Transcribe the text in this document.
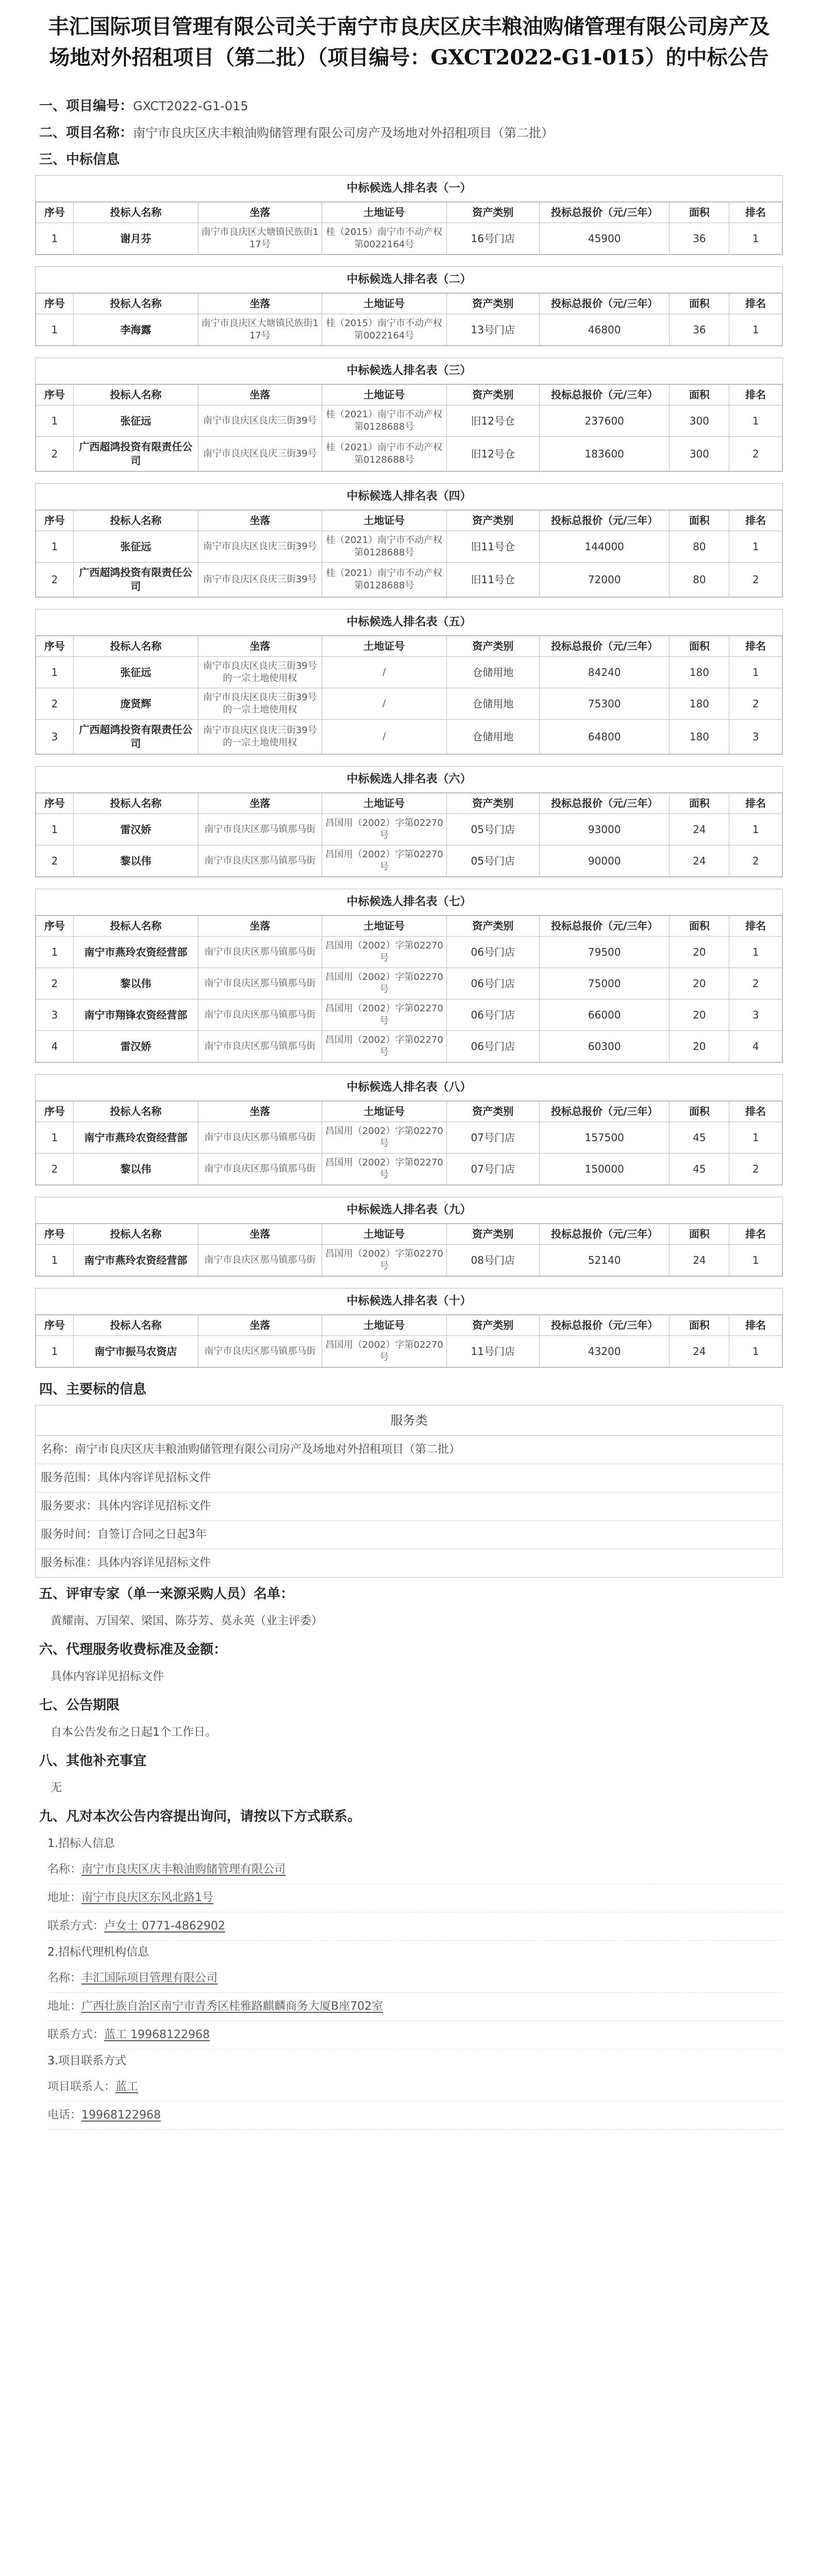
丰汇国际项目管理有限公司关于南宁市良庆区庆丰粮油购储管理有限公司房产及场地对外招租项目（第二批）（项目编号：GXCT2022-G1-015）的中标公告
一、项目编号：GXCT2022-G1-015
二、项目名称：南宁市良庆区庆丰粮油购储管理有限公司房产及场地对外招租项目（第二批）
三、中标信息
中标候选人排名表（一）
序号	投标人名称	坐落	土地证号	资产类别	投标总报价（元/三年）	面积	排名
1	谢月芬	南宁市良庆区大塘镇民族街117号	桂（2015）南宁市不动产权第0022164号	16号门店	45900	36	1
中标候选人排名表（二）
序号	投标人名称	坐落	土地证号	资产类别	投标总报价（元/三年）	面积	排名
1	李海露	南宁市良庆区大塘镇民族街117号	桂（2015）南宁市不动产权第0022164号	13号门店	46800	36	1
中标候选人排名表（三）
序号	投标人名称	坐落	土地证号	资产类别	投标总报价（元/三年）	面积	排名
1	张征远	南宁市良庆区良庆三街39号	桂（2021）南宁市不动产权第0128688号	旧12号仓	237600	300	1
2	广西超鸿投资有限责任公司	南宁市良庆区良庆三街39号	桂（2021）南宁市不动产权第0128688号	旧12号仓	183600	300	2
中标候选人排名表（四）
序号	投标人名称	坐落	土地证号	资产类别	投标总报价（元/三年）	面积	排名
1	张征远	南宁市良庆区良庆三街39号	桂（2021）南宁市不动产权第0128688号	旧11号仓	144000	80	1
2	广西超鸿投资有限责任公司	南宁市良庆区良庆三街39号	桂（2021）南宁市不动产权第0128688号	旧11号仓	72000	80	2
中标候选人排名表（五）
序号	投标人名称	坐落	土地证号	资产类别	投标总报价（元/三年）	面积	排名
1	张征远	南宁市良庆区良庆三街39号的一宗土地使用权	/	仓储用地	84240	180	1
2	庞贤辉	南宁市良庆区良庆三街39号的一宗土地使用权	/	仓储用地	75300	180	2
3	广西超鸿投资有限责任公司	南宁市良庆区良庆三街39号的一宗土地使用权	/	仓储用地	64800	180	3
中标候选人排名表（六）
序号	投标人名称	坐落	土地证号	资产类别	投标总报价（元/三年）	面积	排名
1	雷汉娇	南宁市良庆区那马镇那马街	昌国用（2002）字第02270号	05号门店	93000	24	1
2	黎以伟	南宁市良庆区那马镇那马街	昌国用（2002）字第02270号	05号门店	90000	24	2
中标候选人排名表（七）
序号	投标人名称	坐落	土地证号	资产类别	投标总报价（元/三年）	面积	排名
1	南宁市燕玲农资经营部	南宁市良庆区那马镇那马街	昌国用（2002）字第02270号	06号门店	79500	20	1
2	黎以伟	南宁市良庆区那马镇那马街	昌国用（2002）字第02270号	06号门店	75000	20	2
3	南宁市翔锋农资经营部	南宁市良庆区那马镇那马街	昌国用（2002）字第02270号	06号门店	66000	20	3
4	雷汉娇	南宁市良庆区那马镇那马街	昌国用（2002）字第02270号	06号门店	60300	20	4
中标候选人排名表（八）
序号	投标人名称	坐落	土地证号	资产类别	投标总报价（元/三年）	面积	排名
1	南宁市燕玲农资经营部	南宁市良庆区那马镇那马街	昌国用（2002）字第02270号	07号门店	157500	45	1
2	黎以伟	南宁市良庆区那马镇那马街	昌国用（2002）字第02270号	07号门店	150000	45	2
中标候选人排名表（九）
序号	投标人名称	坐落	土地证号	资产类别	投标总报价（元/三年）	面积	排名
1	南宁市燕玲农资经营部	南宁市良庆区那马镇那马街	昌国用（2002）字第02270号	08号门店	52140	24	1
中标候选人排名表（十）
序号	投标人名称	坐落	土地证号	资产类别	投标总报价（元/三年）	面积	排名
1	南宁市振马农资店	南宁市良庆区那马镇那马街	昌国用（2002）字第02270号	11号门店	43200	24	1
四、主要标的信息
服务类
名称：南宁市良庆区庆丰粮油购储管理有限公司房产及场地对外招租项目（第二批）
服务范围：具体内容详见招标文件
服务要求：具体内容详见招标文件
服务时间：自签订合同之日起3年
服务标准：具体内容详见招标文件
五、评审专家（单一来源采购人员）名单：
黄耀南、万国荣、梁国、陈芬芳、莫永英（业主评委）
六、代理服务收费标准及金额：
具体内容详见招标文件
七、公告期限
自本公告发布之日起1个工作日。
八、其他补充事宜
无
九、凡对本次公告内容提出询问，请按以下方式联系。
1.招标人信息
名称：南宁市良庆区庆丰粮油购储管理有限公司
地址：南宁市良庆区东风北路1号
联系方式：卢女士 0771-4862902
2.招标代理机构信息
名称：丰汇国际项目管理有限公司
地址：广西壮族自治区南宁市青秀区桂雅路麒麟商务大厦B座702室
联系方式：蓝工 19968122968
3.项目联系方式
项目联系人：蓝工
电话：19968122968
